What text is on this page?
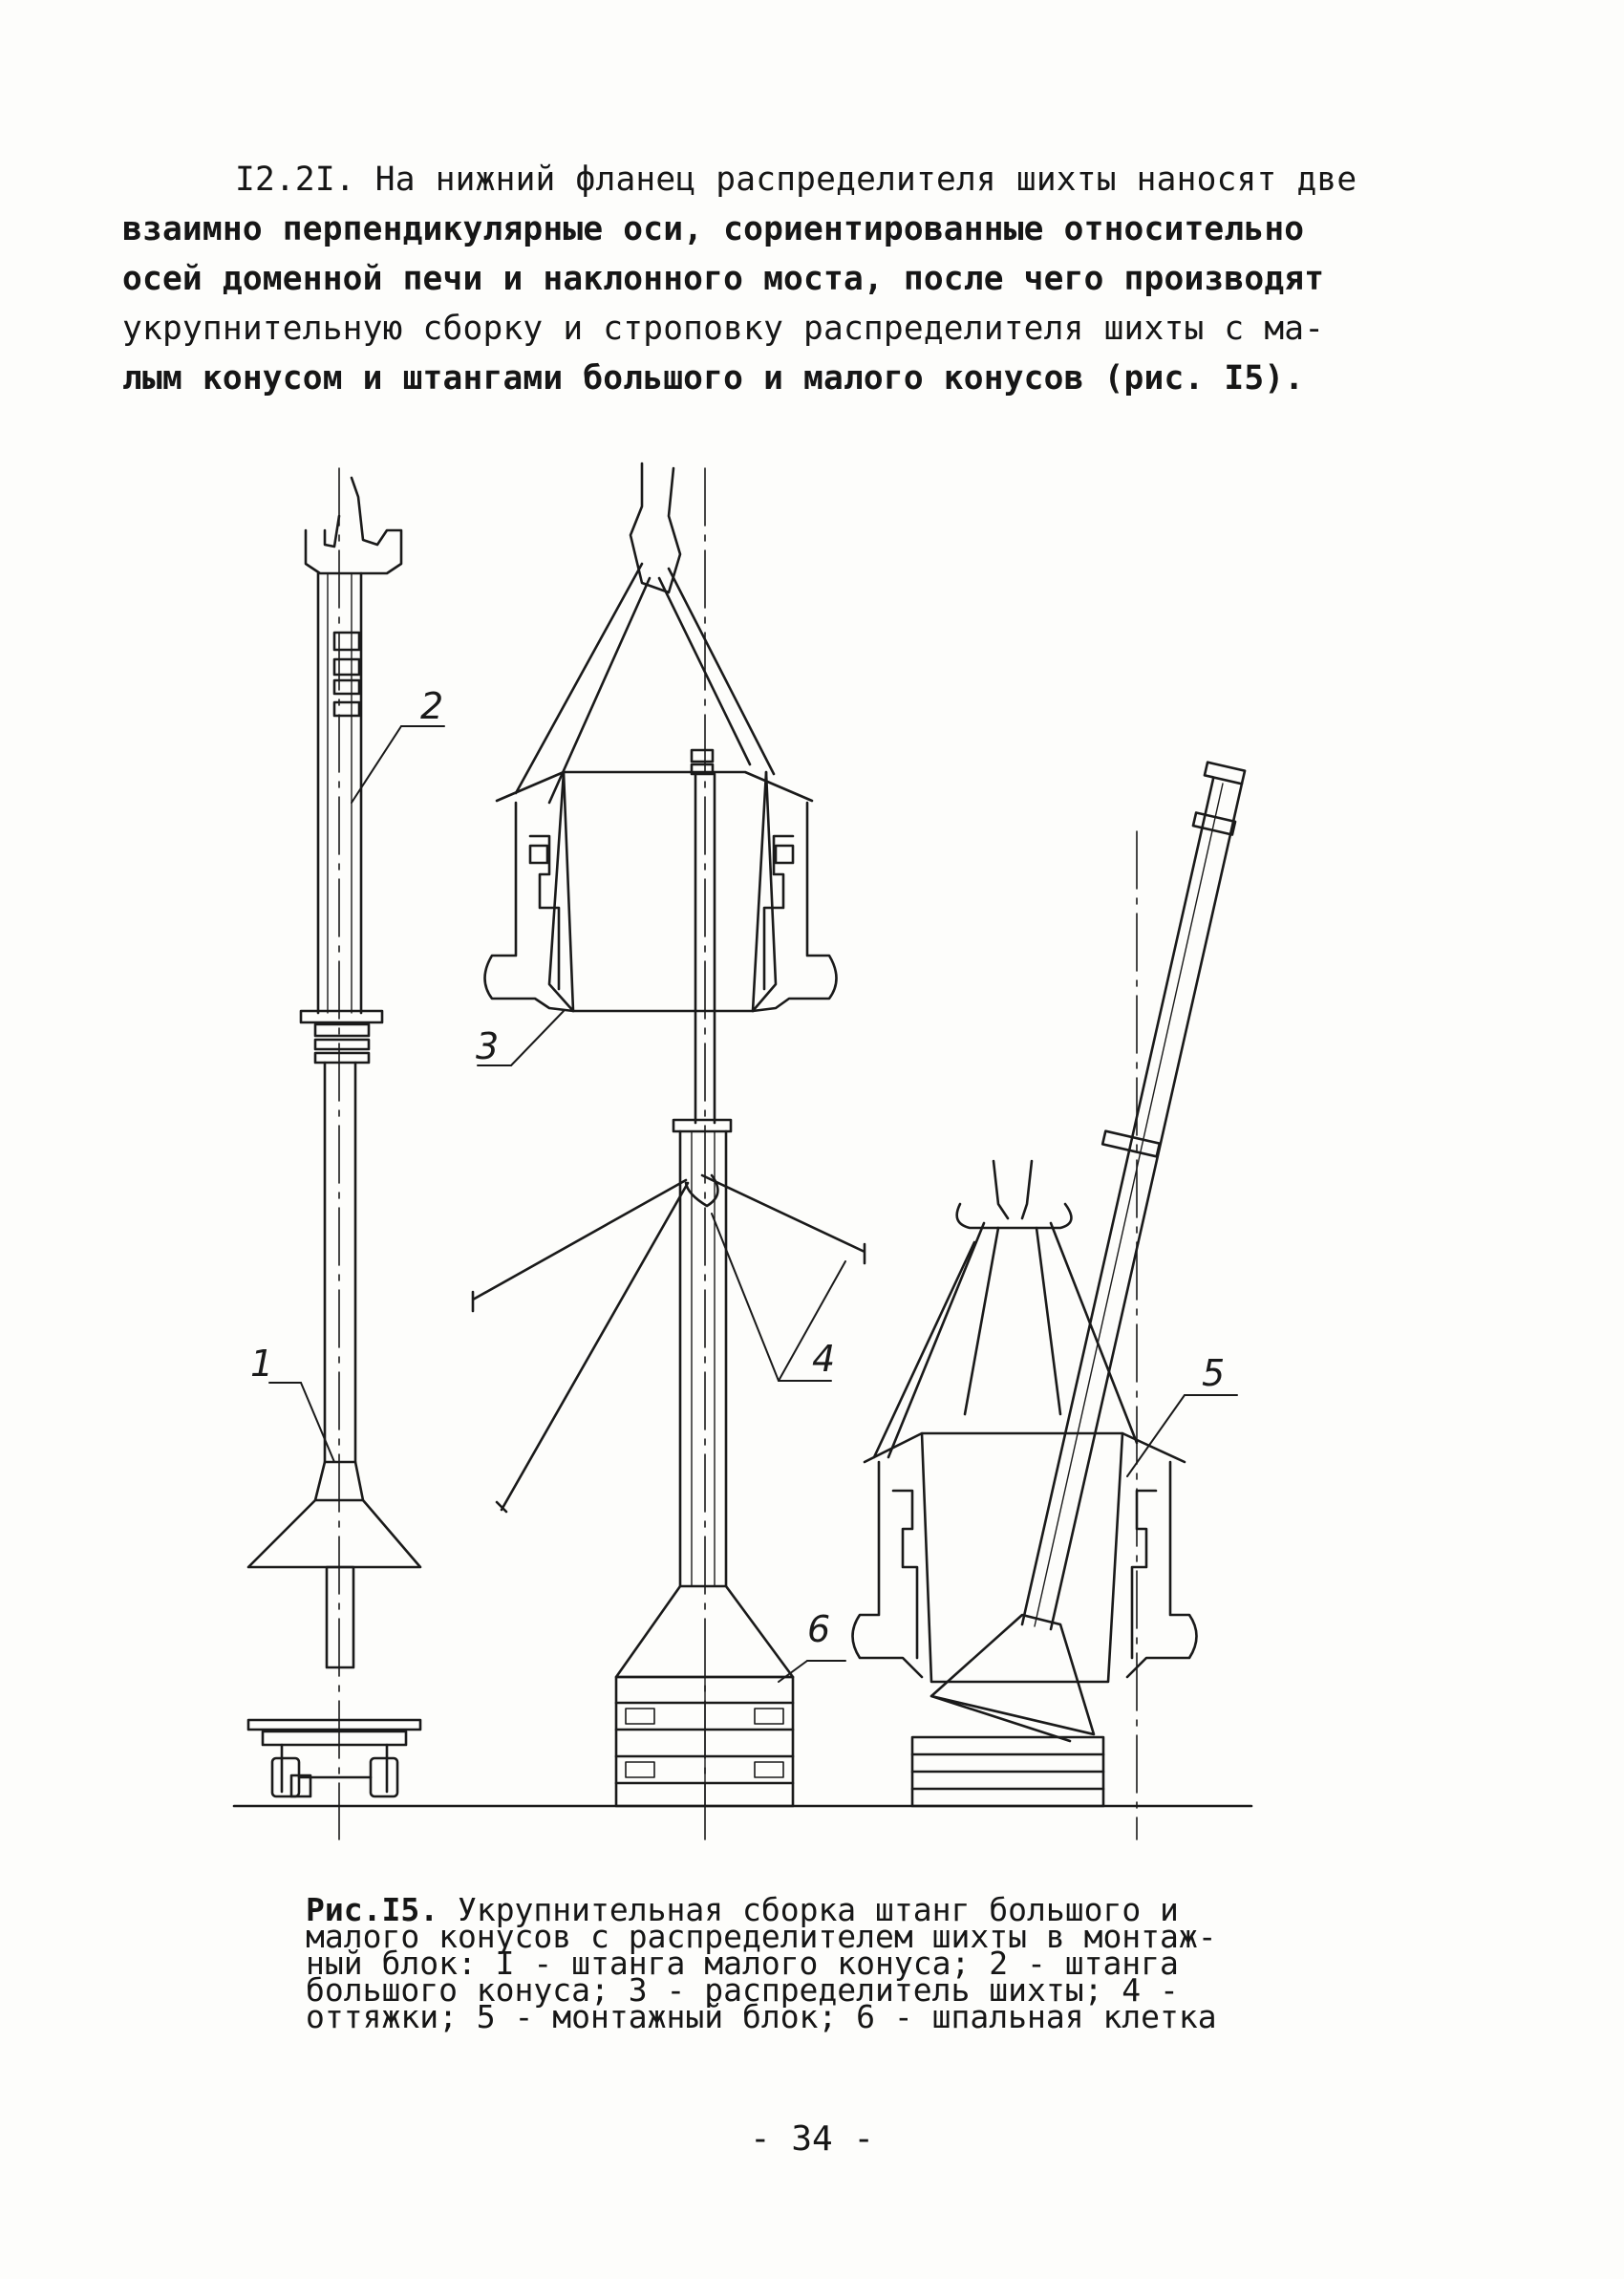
I2.2I. На нижний фланец распределителя шихты наносят две
взаимно перпендикулярные оси, сориентированные относительно
осей доменной печи и наклонного моста, после чего производят
укрупнительную сборку и строповку распределителя шихты с ма-
лым конусом и штангами большого и малого конусов (рис. I5).
1
2
3
4	5
6
Рис.I5. Укрупнительная сборка штанг большого и
малого конусов с распределителем шихты в монтаж-
ный блок: I - штанга малого конуса; 2 - штанга
большого конуса; 3 - распределитель шихты; 4 -
оттяжки; 5 - монтажный блок; 6 - шпальная клетка
- 34 -
